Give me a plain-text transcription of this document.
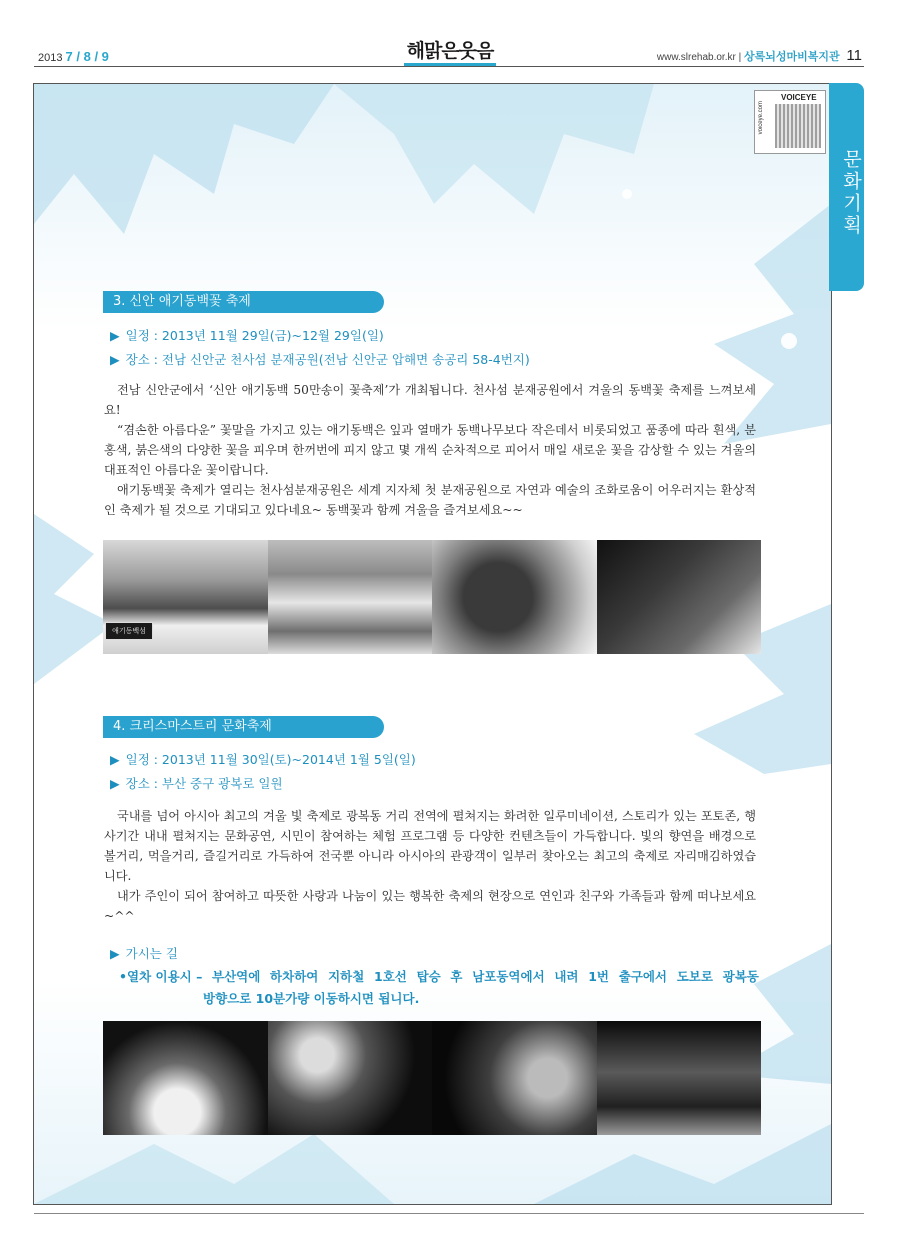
2013 7 / 8 / 9	해맑은웃음	www.slrehab.or.kr | 상록뇌성마비복지관 11
문화기획
VOICEYE
voiceye.com
3. 신안 애기동백꽃 축제
▶ 일정 : 2013년 11월 29일(금)~12월 29일(일)
▶ 장소 : 전남 신안군 천사섬 분재공원(전남 신안군 압해면 송공리 58-4번지)

전남 신안군에서 ‘신안 애기동백 50만송이 꽃축제’가 개최됩니다. 천사섬 분재공원에서 겨울의 동백꽃 축제를 느껴보세요!

“겸손한 아름다운” 꽃말을 가지고 있는 애기동백은 잎과 열매가 동백나무보다 작은데서 비롯되었고 품종에 따라 흰색, 분홍색, 붉은색의 다양한 꽃을 피우며 한꺼번에 피지 않고 몇 개씩 순차적으로 피어서 매일 새로운 꽃을 감상할 수 있는 겨울의 대표적인 아름다운 꽃이랍니다.

애기동백꽃 축제가 열리는 천사섬분재공원은 세계 지자체 첫 분재공원으로 자연과 예술의 조화로움이 어우러지는 환상적인 축제가 될 것으로 기대되고 있다네요~ 동백꽃과 함께 겨울을 즐겨보세요~~

애기동백섬
4. 크리스마스트리 문화축제
▶ 일정 : 2013년 11월 30일(토)~2014년 1월 5일(일)
▶ 장소 : 부산 중구 광복로 일원

국내를 넘어 아시아 최고의 겨울 빛 축제로 광복동 거리 전역에 펼쳐지는 화려한 일루미네이션, 스토리가 있는 포토존, 행사기간 내내 펼쳐지는 문화공연, 시민이 참여하는 체험 프로그램 등 다양한 컨텐츠들이 가득합니다. 빛의 향연을 배경으로 볼거리, 먹을거리, 즐길거리로 가득하여 전국뿐 아니라 아시아의 관광객이 일부러 찾아오는 최고의 축제로 자리매김하였습니다.

내가 주인이 되어 참여하고 따뜻한 사랑과 나눔이 있는 행복한 축제의 현장으로 연인과 친구와 가족들과 함께 떠나보세요~^^

▶ 가시는 길
•열차 이용시 – 부산역에 하차하여 지하철 1호선 탑승 후 남포동역에서 내려 1번 출구에서 도보로 광복동
방향으로 10분가량 이동하시면 됩니다.
